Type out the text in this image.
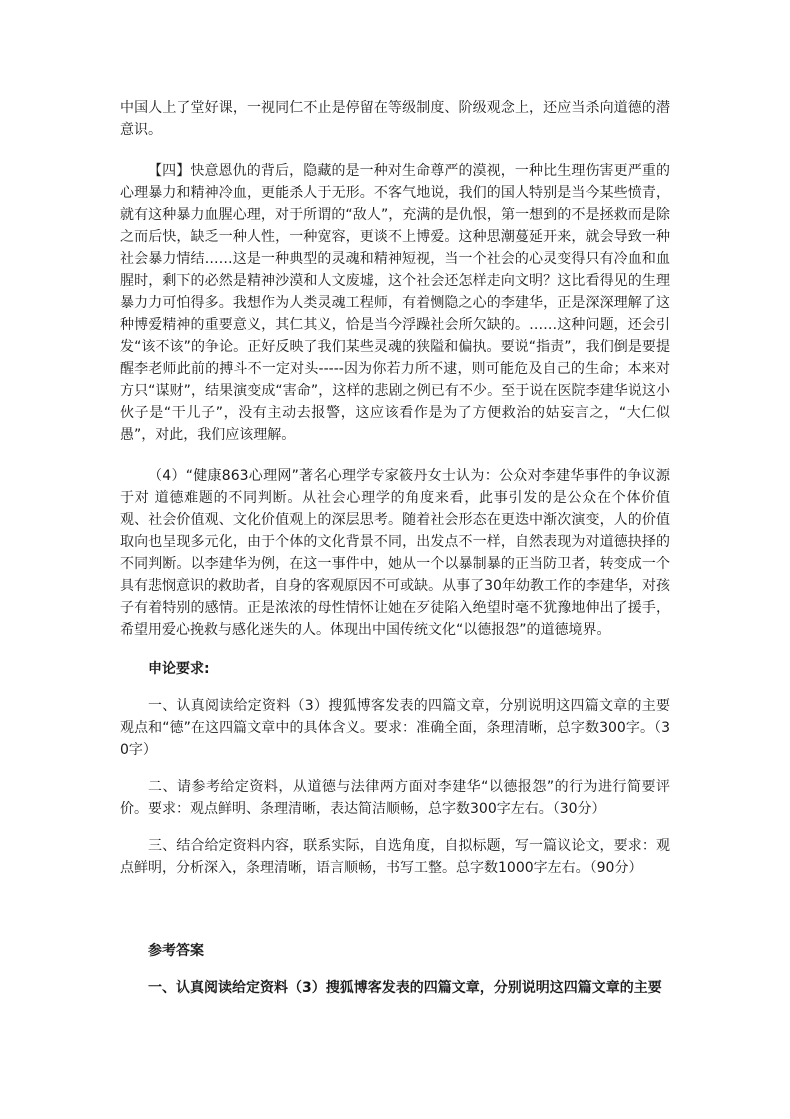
中国人上了堂好课，一视同仁不止是停留在等级制度、阶级观念上，还应当杀向道德的潜意识。

【四】快意恩仇的背后，隐藏的是一种对生命尊严的漠视，一种比生理伤害更严重的心理暴力和精神冷血，更能杀人于无形。不客气地说，我们的国人特别是当今某些愤青，就有这种暴力血腥心理，对于所谓的“敌人”，充满的是仇恨，第一想到的不是拯救而是除之而后快，缺乏一种人性，一种宽容，更谈不上博爱。这种思潮蔓延开来，就会导致一种社会暴力情结……这是一种典型的灵魂和精神短视，当一个社会的心灵变得只有冷血和血腥时，剩下的必然是精神沙漠和人文废墟，这个社会还怎样走向文明？这比看得见的生理暴力力可怕得多。我想作为人类灵魂工程师，有着恻隐之心的李建华，正是深深理解了这种博爱精神的重要意义，其仁其义，恰是当今浮躁社会所欠缺的。……这种问题，还会引发“该不该”的争论。正好反映了我们某些灵魂的狭隘和偏执。要说“指责”，我们倒是要提醒李老师此前的搏斗不一定对头-----因为你若力所不逮，则可能危及自己的生命；本来对方只“谋财”，结果演变成“害命”，这样的悲剧之例已有不少。至于说在医院李建华说这小伙子是“干儿子”，没有主动去报警，这应该看作是为了方便救治的姑妄言之，“大仁似愚”，对此，我们应该理解。

（4）“健康863心理网”著名心理学专家筱丹女士认为：公众对李建华事件的争议源于对 道德难题的不同判断。从社会心理学的角度来看，此事引发的是公众在个体价值观、社会价值观、文化价值观上的深层思考。随着社会形态在更迭中渐次演变，人的价值取向也呈现多元化，由于个体的文化背景不同，出发点不一样，自然表现为对道德抉择的不同判断。以李建华为例，在这一事件中，她从一个以暴制暴的正当防卫者，转变成一个具有悲悯意识的救助者，自身的客观原因不可或缺。从事了30年幼教工作的李建华，对孩子有着特别的感情。正是浓浓的母性情怀让她在歹徒陷入绝望时毫不犹豫地伸出了援手，希望用爱心挽救与感化迷失的人。体现出中国传统文化“以德报怨”的道德境界。

申论要求:

一、认真阅读给定资料（3）搜狐博客发表的四篇文章，分别说明这四篇文章的主要观点和“德”在这四篇文章中的具体含义。要求：准确全面，条理清晰，总字数300字。（30字）

二、请参考给定资料，从道德与法律两方面对李建华“以德报怨”的行为进行简要评价。要求：观点鲜明、条理清晰，表达简洁顺畅，总字数300字左右。（30分）

三、结合给定资料内容，联系实际，自选角度，自拟标题，写一篇议论文，要求：观点鲜明，分析深入，条理清晰，语言顺畅，书写工整。总字数1000字左右。（90分）

参考答案

一、认真阅读给定资料（3）搜狐博客发表的四篇文章，分别说明这四篇文章的主要
